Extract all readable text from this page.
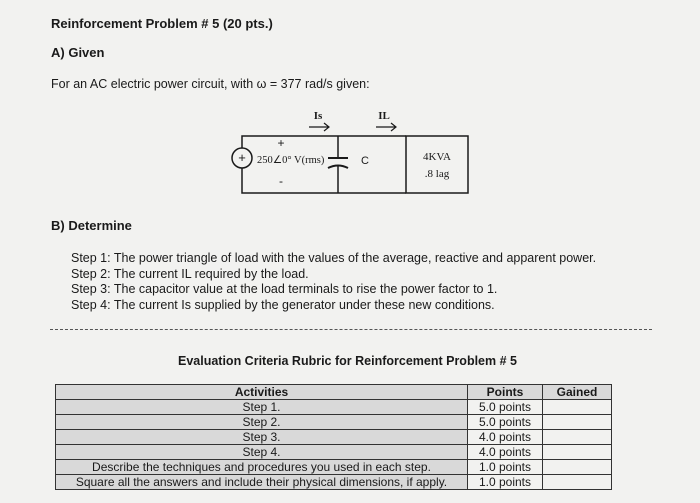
Reinforcement Problem # 5 (20 pts.)
A) Given
For an AC electric power circuit, with ω = 377 rad/s given:
+
Is	IL
+
-
250∠0° V(rms)	C	4KVA
.8 lag
B) Determine
Step 1: The power triangle of load with the values of the average, reactive and apparent power.
Step 2: The current IL required by the load.
Step 3: The capacitor value at the load terminals to rise the power factor to 1.
Step 4: The current Is supplied by the generator under these new conditions.
Evaluation Criteria Rubric for Reinforcement Problem # 5
Activities	Points	Gained
Step 1.	5.0 points	
Step 2.	5.0 points	
Step 3.	4.0 points	
Step 4.	4.0 points	
Describe the techniques and procedures you used in each step.	1.0 points	
Square all the answers and include their physical dimensions, if apply.	1.0 points	
